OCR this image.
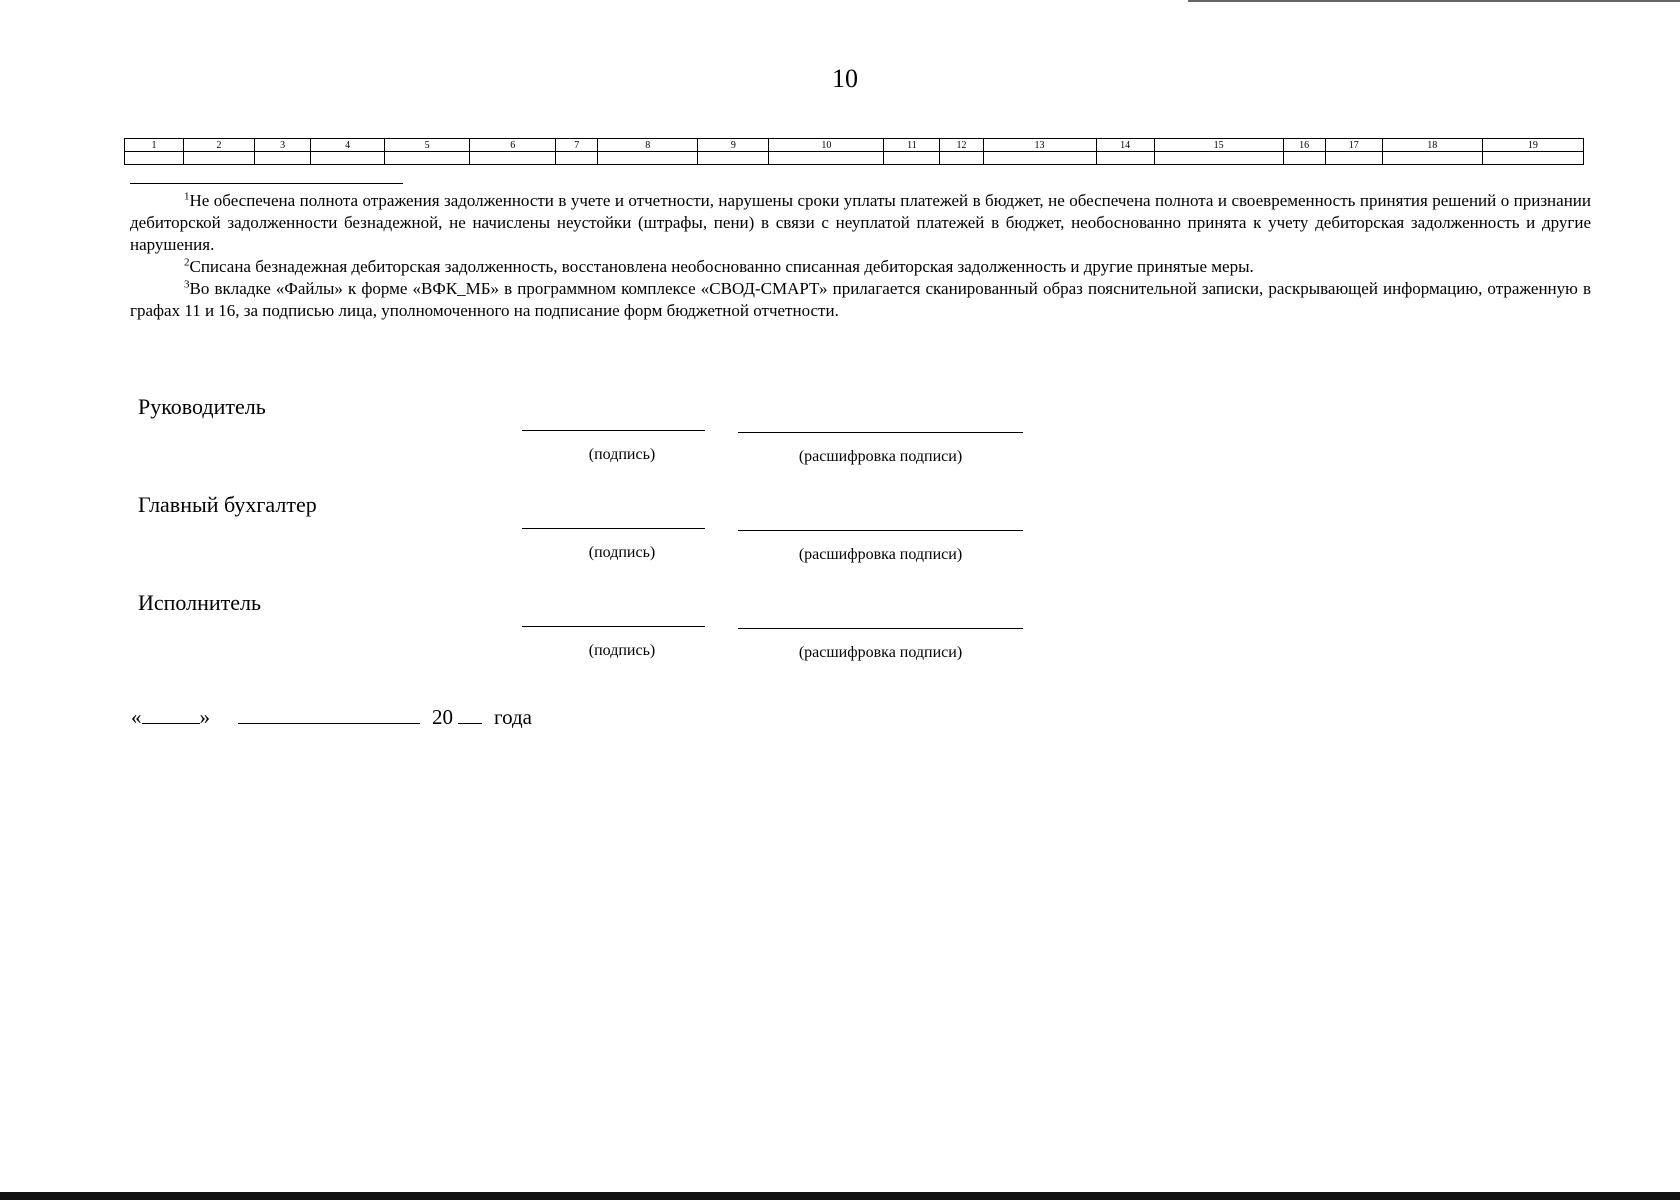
10
1	2	3	4	5	6	7	8	9	10	11	12	13	14	15	16	17	18	19

$^1$Не обеспечена полнота отражения задолженности в учете и отчетности, нарушены сроки уплаты платежей в бюджет, не обеспечена полнота и своевременность принятия решений о признании дебиторской задолженности безнадежной, не начислены неустойки (штрафы, пени) в связи с неуплатой платежей в бюджет, необоснованно принята к учету дебиторская задолженность и другие нарушения.

$^2$Списана безнадежная дебиторская задолженность, восстановлена необоснованно списанная дебиторская задолженность и другие принятые меры.

$^3$Во вкладке «Файлы» к форме «ВФК_МБ» в программном комплексе «СВОД-СМАРТ» прилагается сканированный образ пояснительной записки, раскрывающей информацию, отраженную в графах 11 и 16, за подписью лица, уполномоченного на подписание форм бюджетной отчетности.

Руководитель
(подпись)	(расшифровка подписи)
Главный бухгалтер
(подпись)	(расшифровка подписи)
Исполнитель
(подпись)	(расшифровка подписи)
«	»	20 года
